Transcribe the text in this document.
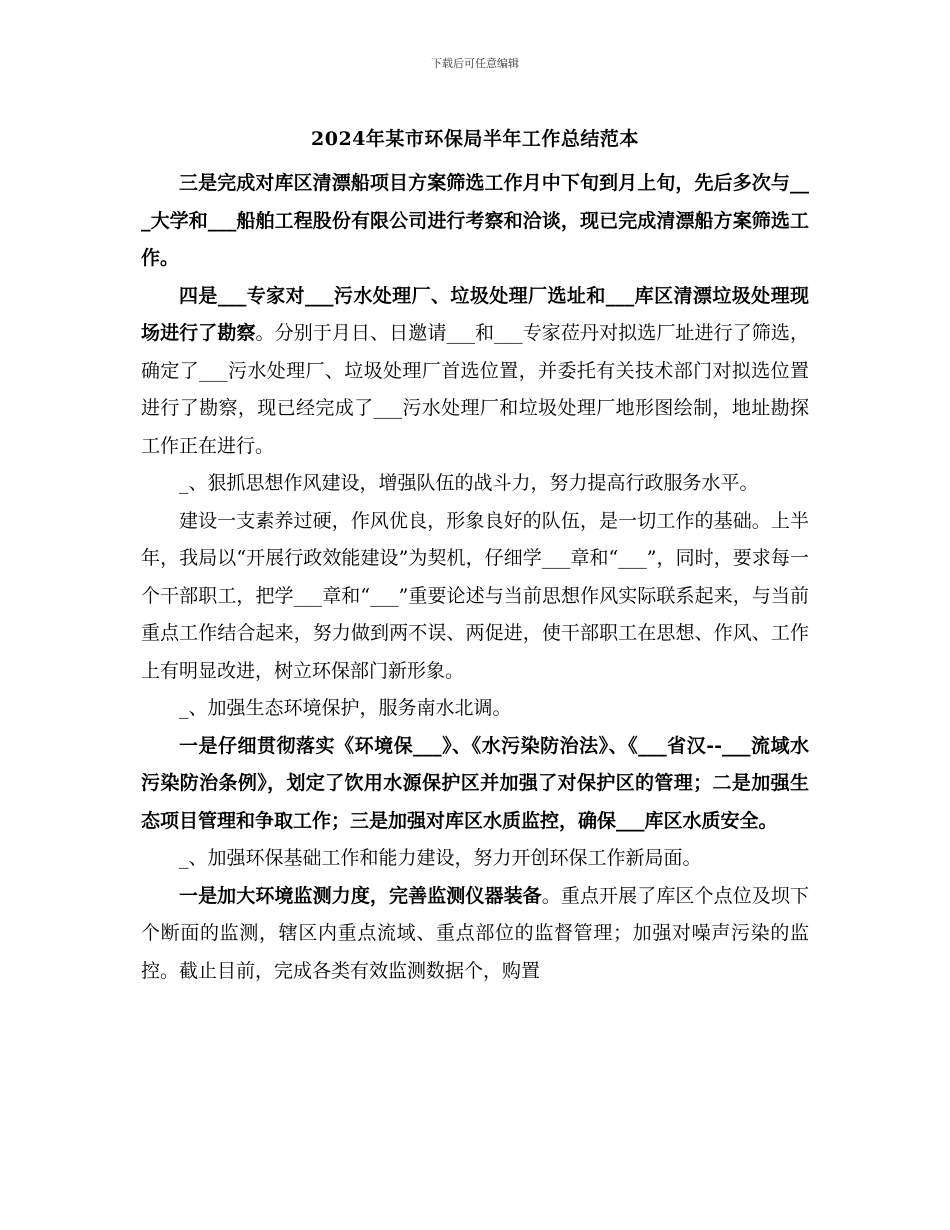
下载后可任意编辑
2024年某市环保局半年工作总结范本

三是完成对库区清漂船项目方案筛选工作月中下旬到月上旬，先后多次与___大学和___船舶工程股份有限公司进行考察和洽谈，现已完成清漂船方案筛选工作。

四是___专家对___污水处理厂、垃圾处理厂选址和___库区清漂垃圾处理现场进行了勘察。分别于月日、日邀请___和___专家莅丹对拟选厂址进行了筛选，确定了___污水处理厂、垃圾处理厂首选位置，并委托有关技术部门对拟选位置进行了勘察，现已经完成了___污水处理厂和垃圾处理厂地形图绘制，地址勘探工作正在进行。

_、狠抓思想作风建设，增强队伍的战斗力，努力提高行政服务水平。

建设一支素养过硬，作风优良，形象良好的队伍，是一切工作的基础。上半年，我局以“开展行政效能建设”为契机，仔细学___章和“___”，同时，要求每一个干部职工，把学___章和“___”重要论述与当前思想作风实际联系起来，与当前重点工作结合起来，努力做到两不误、两促进，使干部职工在思想、作风、工作上有明显改进，树立环保部门新形象。

_、加强生态环境保护，服务南水北调。

一是仔细贯彻落实《环境保___》、《水污染防治法》、《___省汉--___流域水污染防治条例》，划定了饮用水源保护区并加强了对保护区的管理；二是加强生态项目管理和争取工作；三是加强对库区水质监控，确保___库区水质安全。

_、加强环保基础工作和能力建设，努力开创环保工作新局面。

一是加大环境监测力度，完善监测仪器装备。重点开展了库区个点位及坝下个断面的监测，辖区内重点流域、重点部位的监督管理；加强对噪声污染的监控。截止目前，完成各类有效监测数据个，购置
